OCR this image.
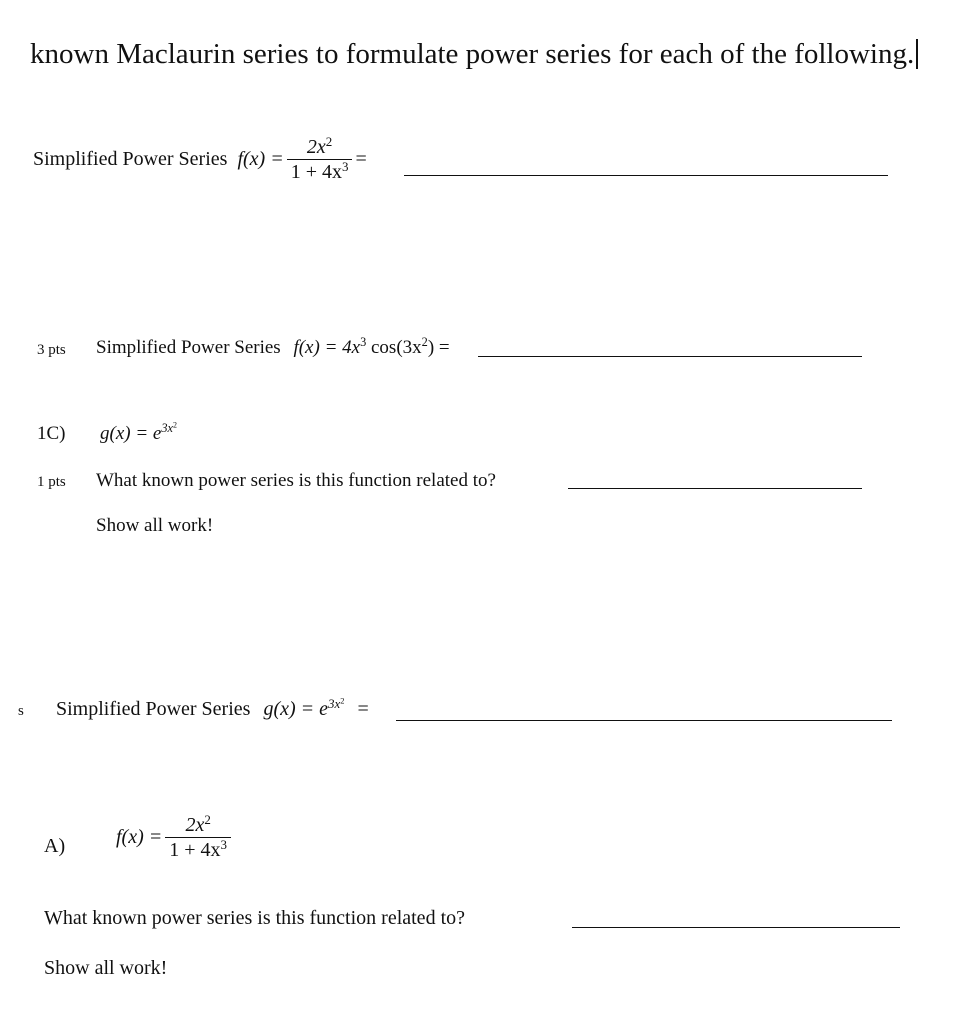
known Maclaurin series to formulate power series for each of the following.
Simplified Power Series $f(x) = \frac{2x^2}{1 + 4x^3}$ =
3 pts Simplified Power Series $f(x) = 4x^3$ $\cos(3x^2)$ =
1C) $g(x) = e^{3x^2}$
1 pts What known power series is this function related to?
Show all work!
s Simplified Power Series $g(x) = e^{3x^2}$ =
A)	$f(x) = \frac{2x^2}{1 + 4x^3}$
What known power series is this function related to?
Show all work!
